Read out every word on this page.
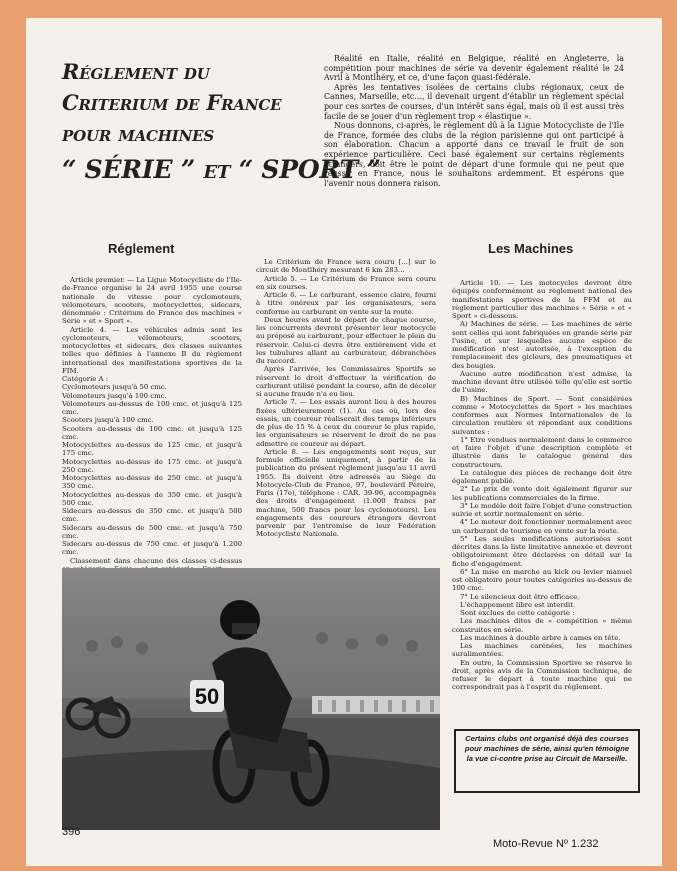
Réglement du
Criterium de France
pour machines
“ SÉRIE ” et “ SPORT ”

Réalité en Italie, réalité en Belgique, réalité en Angleterre, la compétition pour machines de série va devenir également réalité le 24 Avril à Montlhéry, et ce, d'une façon quasi-fédérale.

Après les tentatives isolées de certains clubs régionaux, ceux de Cannes, Marseille, etc..., il devenait urgent d'établir un règlement spécial pour ces sortes de courses, d'un intérêt sans égal, mais où il est aussi très facile de se jouer d'un règlement trop « élastique ».

Nous donnons, ci-après, le règlement dû à la Ligue Motocycliste de l'Ile de France, formée des clubs de la région parisienne qui ont participé à son élaboration. Chacun a apporté dans ce travail le fruit de son expérience particulière. Ceci basé également sur certains règlements étrangers, doit être le point de départ d'une formule qui ne peut que réussir en France, nous le souhaitons ardemment. Et espérons que l'avenir nous donnera raison.

Réglement	Les Machines

Article premier. — La Ligue Motocycliste de l'Ile-de-France organise le 24 avril 1955 une course nationale de vitesse pour cyclomoteurs, vélomoteurs, scooters, motocyclettes, sidecars, dénommée : Critérium de France des machines « Série » et « Sport ».

Article 4. — Les véhicules admis sont les cyclomoteurs, vélomoteurs, scooters, motocyclettes et sidecars, des classes suivantes telles que définies à l'annexe B du règlement international des manifestations sportives de la FIM.

Catégorie A :

Cyclomoteurs jusqu'à 50 cmc.

Vélomoteurs jusqu'à 100 cmc.

Vélomoteurs au-dessus de 100 cmc. et jusqu'à 125 cmc.

Scooters jusqu'à 100 cmc.

Scooters au-dessus de 100 cmc. et jusqu'à 125 cmc.

Motocyclettes au-dessus de 125 cmc. et jusqu'à 175 cmc.

Motocyclettes au-dessus de 175 cmc. et jusqu'à 250 cmc.

Motocyclettes au-dessus de 250 cmc. et jusqu'à 350 cmc.

Motocyclettes au-dessus de 350 cmc. et jusqu'à 500 cmc.

Sidecars au-dessus de 350 cmc. et jusqu'à 500 cmc.

Sidecars au-dessus de 500 cmc. et jusqu'à 750 cmc.

Sidecars au-dessus de 750 cmc. et jusqu'à 1.200 cmc.

Classement dans chacune des classes ci-dessus

Le Critérium de France sera couru [...] sur le circuit de Montlhéry mesurant 6 km 283...

Article 5. — Le Critérium de France sera couru en six courses.

Article 6. — Le carburant, essence claire, fourni à titre onéreux par les organisateurs, sera conforme au carburant en vente sur la route.

Deux heures avant le départ de chaque course, les concurrents devront présenter leur motocycle au préposé au carburant, pour effectuer le plein du réservoir. Celui-ci devra être entièrement vide et les tubulures allant au carburateur, débranchées du raccord.

Après l'arrivée, les Commissaires Sportifs se réservent le droit d'effectuer la vérification de carburant utilisé pendant la course, afin de déceler si aucune fraude n'a eu lieu.

Article 7. — Les essais auront lieu à des heures fixées ultérieurement (1). Au cas où, lors des essais, un coureur réaliserait des temps inférieurs de plus de 15 % à ceux du coureur le plus rapide, les organisateurs se réservent le droit de ne pas admettre ce coureur au départ.

Article 8. — Les engagements sont reçus, sur formule officielle uniquement, à partir de la publication du présent règlement jusqu'au 11 avril 1955. Ils doivent être adressés au Siège du Motocycle-Club de France, 97, boulevard Péreire, Paris (17e), téléphone : CAR. 39-96, accompagnés des droits d'engagement (1.000 francs par machine, 500 francs pour les cyclomoteurs). Les engagements des coureurs étrangers devront parvenir par l'entremise de leur Fédération Motocycliste Nationale.

Article 10. — Les motocycles devront être équipés conformément au règlement national des manifestations sportives de la FFM et au règlement particulier des machines « Série » et « Sport » ci-dessous.

A) Machines de série. — Les machines de série sont celles qui sont fabriquées en grande série par l'usine, et sur lesquelles aucune espèce de modification n'est autorisée, à l'exception du remplacement des gicleurs, des pneumatiques et des bougies.

Aucune autre modification n'est admise, la machine devant être utilisée telle qu'elle est sortie de l'usine.

B) Machines de Sport. — Sont considérées comme « Motocyclettes de Sport » les machines conformes aux Normes Internationales de la circulation routière et répondant aux conditions suivantes :

1° Etre vendues normalement dans le commerce et faire l'objet d'une description complète et illustrée dans le catalogue général des constructeurs.

Le catalogue des pièces de rechange doit être également publié.

2° Le prix de vente doit également figurer sur les publications commerciales de la firme.

3° Le modèle doit faire l'objet d'une construction suivie et sortir normalement en série.

4° Le moteur doit fonctionner normalement avec un carburant de tourisme en vente sur la route.

5° Les seules modifications autorisées sont décrites dans la liste limitative annexée et devront obligatoirement être déclarées en détail sur la fiche d'engagement.

6° La mise en marche au kick ou levier manuel est obligatoire pour toutes catégories au-dessus de 100 cmc.

7° Le silencieux doit être efficace.

L'échappement libre est interdit.

Sont exclues de cette catégorie :

Les machines dites de « compétition » même construites en série.

Les machines à double arbre à cames en tête.

Les machines carénées, les machines suralimentées.

En outre, la Commission Sportive se réserve le droit, après avis de la Commission technique, de refuser le départ à toute machine qui ne correspondrait pas à l'esprit du règlement.

50
Certains clubs ont organisé déjà des courses pour machines de série, ainsi qu'en témoigne la vue ci-contre prise au Circuit de Marseille.
396
Moto-Revue Nº 1.232
